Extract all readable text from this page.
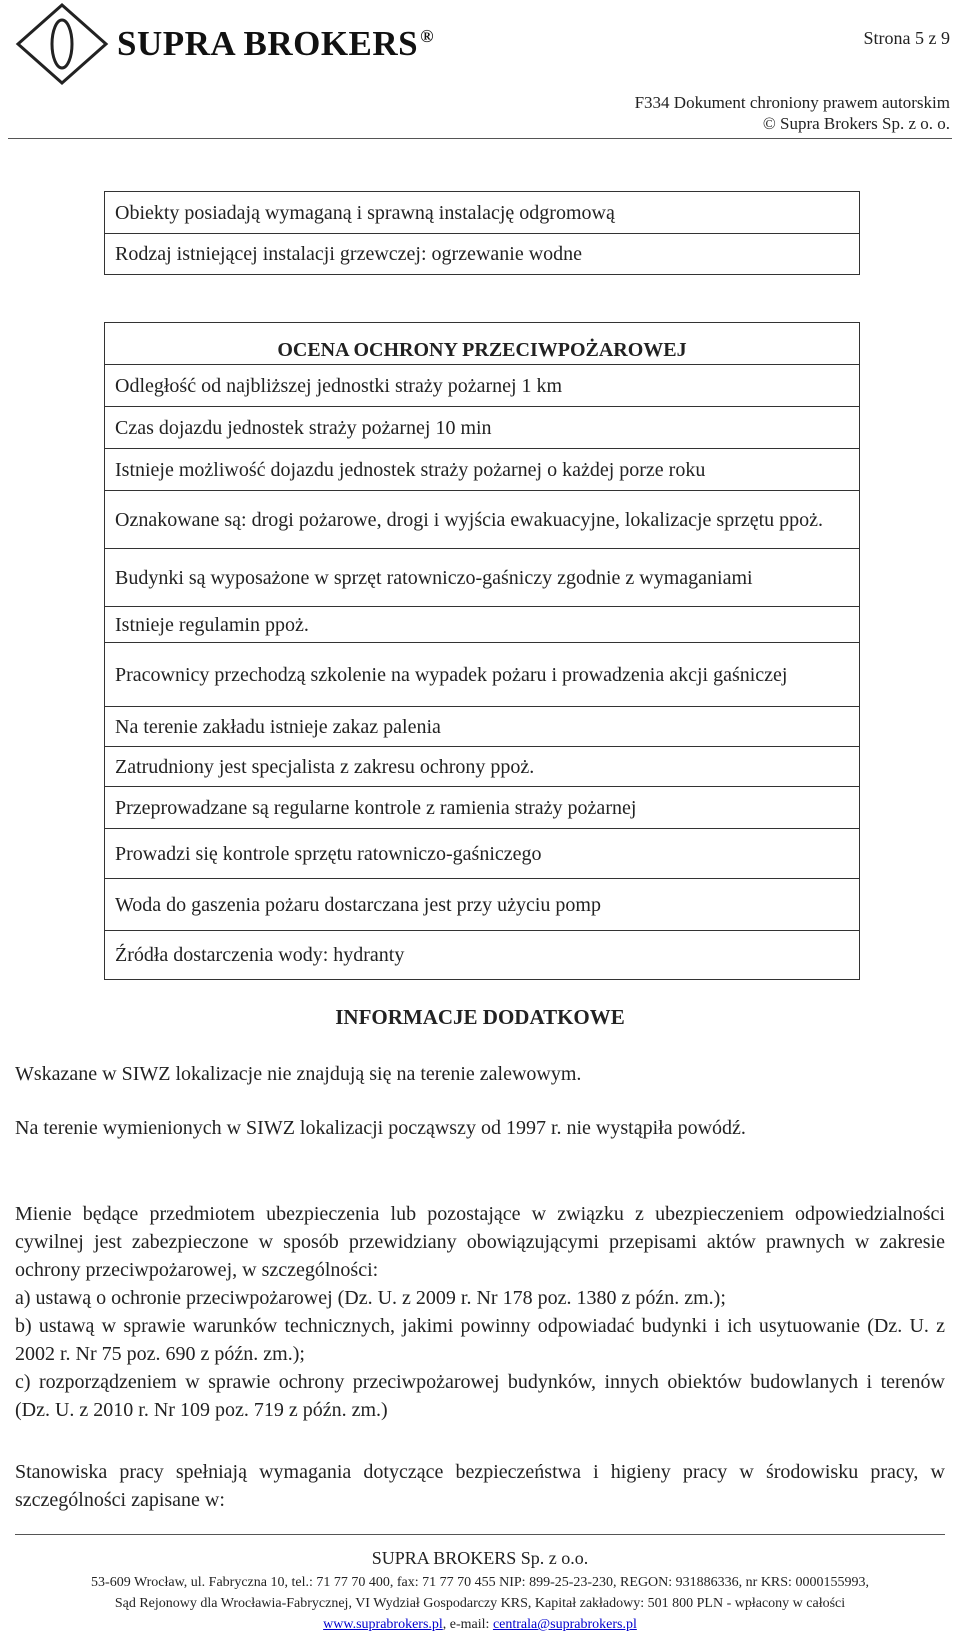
SUPRA BROKERS ®	Strona 5 z 9
F334 Dokument chroniony prawem autorskim
© Supra Brokers Sp. z o. o.
Obiekty posiadają wymaganą i sprawną instalację odgromową
Rodzaj istniejącej instalacji grzewczej: ogrzewanie wodne
OCENA OCHRONY PRZECIWPOŻAROWEJ
Odległość od najbliższej jednostki straży pożarnej 1 km
Czas dojazdu jednostek straży pożarnej 10 min
Istnieje możliwość dojazdu jednostek straży pożarnej o każdej porze roku
Oznakowane są: drogi pożarowe, drogi i wyjścia ewakuacyjne, lokalizacje sprzętu ppoż.
Budynki są wyposażone w sprzęt ratowniczo-gaśniczy zgodnie z wymaganiami
Istnieje regulamin ppoż.
Pracownicy przechodzą szkolenie na wypadek pożaru i prowadzenia akcji gaśniczej
Na terenie zakładu istnieje zakaz palenia
Zatrudniony jest specjalista z zakresu ochrony ppoż.
Przeprowadzane są regularne kontrole z ramienia straży pożarnej
Prowadzi się kontrole sprzętu ratowniczo-gaśniczego
Woda do gaszenia pożaru dostarczana jest przy użyciu pomp
Źródła dostarczenia wody: hydranty
INFORMACJE DODATKOWE
Wskazane w SIWZ lokalizacje nie znajdują się na terenie zalewowym.
Na terenie wymienionych w SIWZ lokalizacji począwszy od 1997 r. nie wystąpiła powódź.
Mienie będące przedmiotem ubezpieczenia lub pozostające w związku z ubezpieczeniem odpowiedzialności cywilnej jest zabezpieczone w sposób przewidziany obowiązującymi przepisami aktów prawnych w zakresie ochrony przeciwpożarowej, w szczególności:
a) ustawą o ochronie przeciwpożarowej (Dz. U. z 2009 r. Nr 178 poz. 1380 z późn. zm.);
b) ustawą w sprawie warunków technicznych, jakimi powinny odpowiadać budynki i ich usytuowanie (Dz. U. z 2002 r. Nr 75 poz. 690 z późn. zm.);
c) rozporządzeniem w sprawie ochrony przeciwpożarowej budynków, innych obiektów budowlanych i terenów (Dz. U. z 2010 r. Nr 109 poz. 719 z późn. zm.)
Stanowiska pracy spełniają wymagania dotyczące bezpieczeństwa i higieny pracy w środowisku pracy, w szczególności zapisane w:
SUPRA BROKERS Sp. z o.o.
53-609 Wrocław, ul. Fabryczna 10, tel.: 71 77 70 400, fax: 71 77 70 455 NIP: 899-25-23-230, REGON: 931886336, nr KRS: 0000155993,
Sąd Rejonowy dla Wrocławia-Fabrycznej, VI Wydział Gospodarczy KRS, Kapitał zakładowy: 501 800 PLN - wpłacony w całości
www.suprabrokers.pl, e-mail: centrala@suprabrokers.pl
